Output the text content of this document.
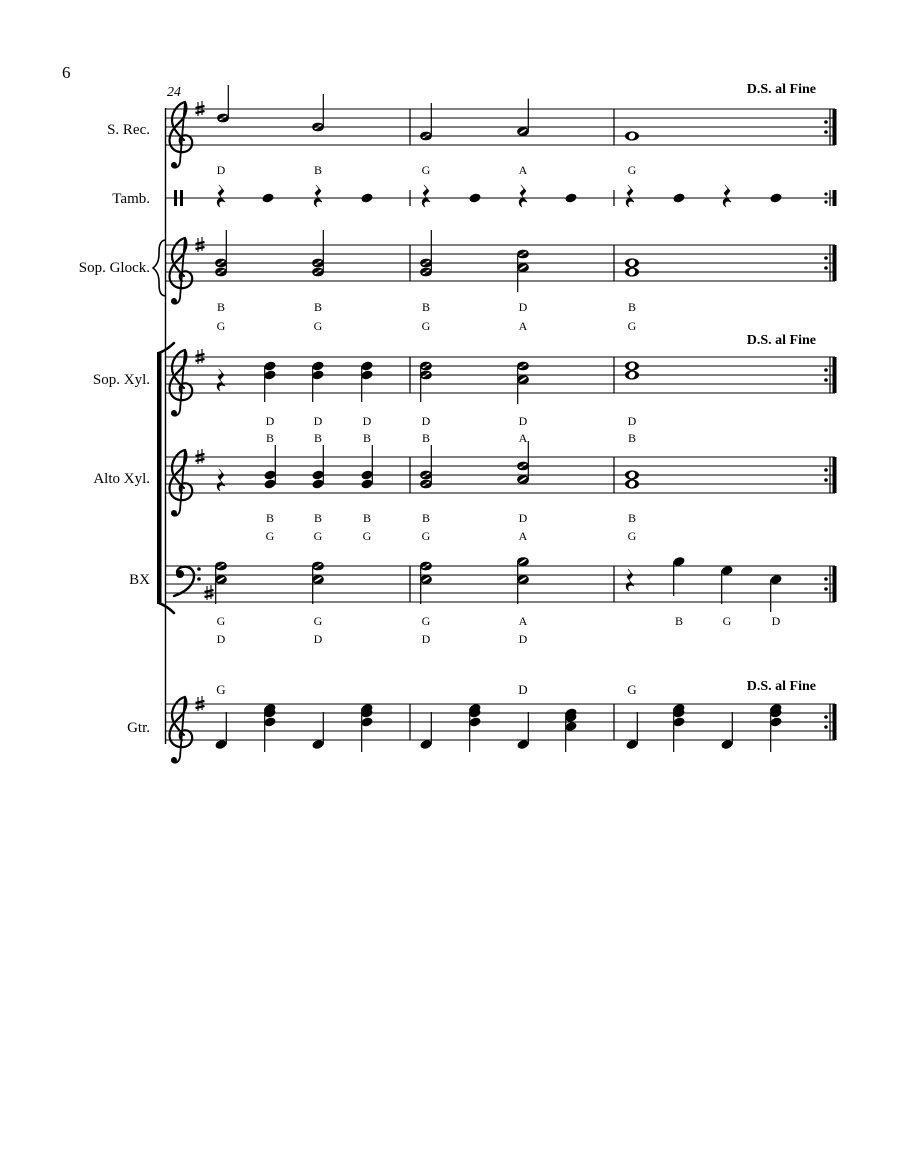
6
24	D.S. al Fine
D.S. al Fine
D.S. al Fine
S. Rec.
D	B	G	A	G
Tamb.
Sop. Glock.
B	B	B	D	B
G	G	G	A	G
Sop. Xyl.
D	D	D	D	D	D
B	B	B	B	A	B
Alto Xyl.
B	B	B	B	D	B
G	G	G	G	A	G
BX
G	G	G	A	B	G	D
D	D	D	D
G	D	G
Gtr.
